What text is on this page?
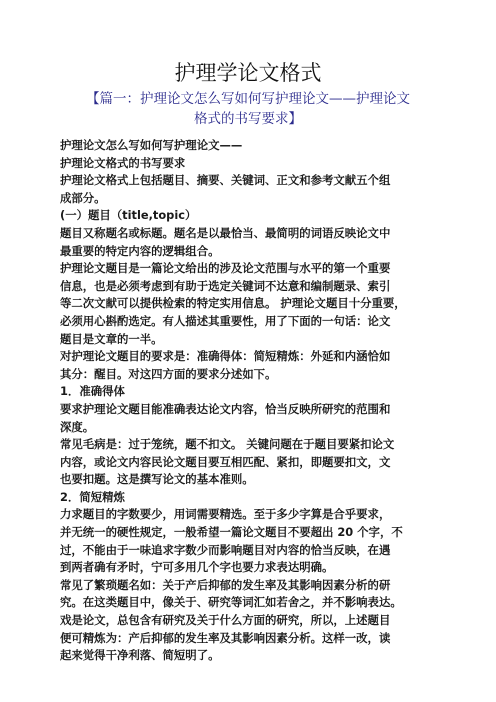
护理学论文格式
【篇一：护理论文怎么写如何写护理论文——护理论文
格式的书写要求】
护理论文怎么写如何写护理论文——
护理论文格式的书写要求
护理论文格式上包括题目、摘要、关键词、正文和参考文献五个组
成部分。
(一）题目（title,topic）
题目又称题名或标题。题名是以最恰当、最简明的词语反映论文中
最重要的特定内容的逻辑组合。
护理论文题目是一篇论文给出的涉及论文范围与水平的第一个重要
信息，也是必须考虑到有助于选定关键词不达意和编制题录、索引
等二次文献可以提供检索的特定实用信息。 护理论文题目十分重要，
必须用心斟酌选定。有人描述其重要性，用了下面的一句话：论文
题目是文章的一半。
对护理论文题目的要求是：准确得体：简短精炼：外延和内涵恰如
其分：醒目。对这四方面的要求分述如下。
1．准确得体
要求护理论文题目能准确表达论文内容，恰当反映所研究的范围和
深度。
常见毛病是：过于笼统，题不扣文。 关键问题在于题目要紧扣论文
内容，或论文内容民论文题目要互相匹配、紧扣，即题要扣文，文
也要扣题。这是撰写论文的基本准则。
2．简短精炼
力求题目的字数要少，用词需要精选。至于多少字算是合乎要求，
并无统一的硬性规定，一般希望一篇论文题目不要超出 20 个字，不
过，不能由于一味追求字数少而影响题目对内容的恰当反映，在遇
到两者确有矛时，宁可多用几个字也要力求表达明确。
常见了繁琐题名如：关于产后抑郁的发生率及其影响因素分析的研
究。在这类题目中，像关于、研究等词汇如若舍之，并不影响表达。
戏是论文，总包含有研究及关于什么方面的研究，所以，上述题目
便可精炼为：产后抑郁的发生率及其影响因素分析。这样一改，读
起来觉得干净利落、简短明了。
